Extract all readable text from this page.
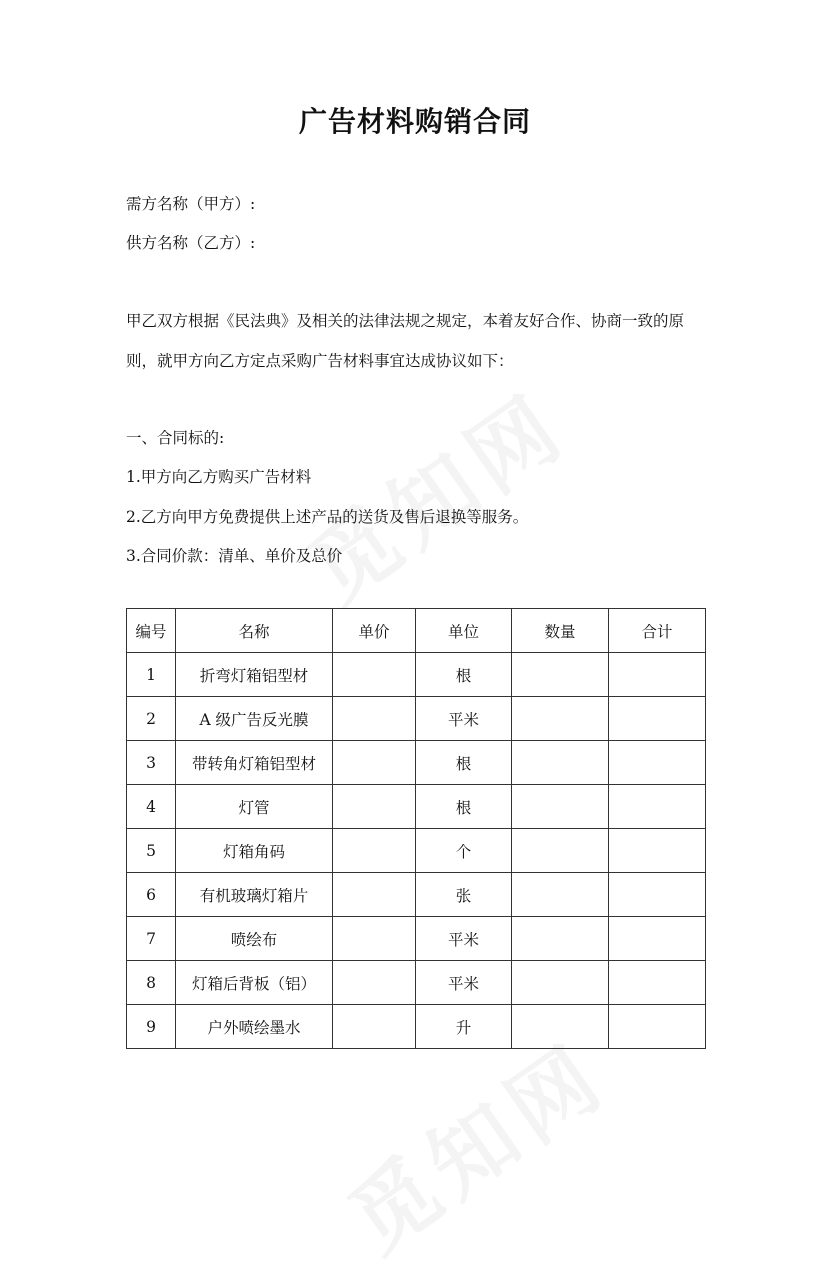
广告材料购销合同
需方名称（甲方）:
供方名称（乙方）:
甲乙双方根据《民法典》及相关的法律法规之规定，本着友好合作、协商一致的原则，就甲方向乙方定点采购广告材料事宜达成协议如下：
一、合同标的:
1.甲方向乙方购买广告材料
2.乙方向甲方免费提供上述产品的送货及售后退换等服务。
3.合同价款：清单、单价及总价
编号	名称	单价	单位	数量	合计
1	折弯灯箱铝型材		根		
2	A 级广告反光膜		平米		
3	带转角灯箱铝型材		根		
4	灯管		根		
5	灯箱角码		个		
6	有机玻璃灯箱片		张		
7	喷绘布		平米		
8	灯箱后背板（铝）		平米		
9	户外喷绘墨水		升		
